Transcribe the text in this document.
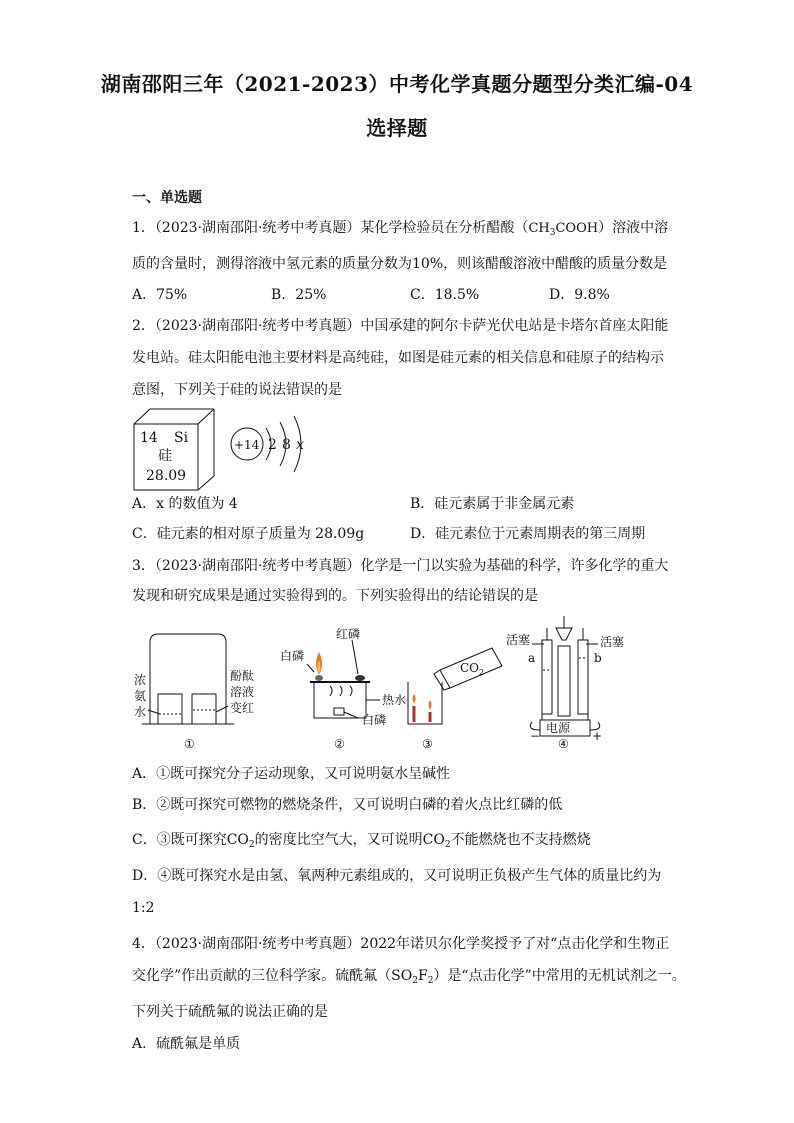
湖南邵阳三年（2021-2023）中考化学真题分题型分类汇编-04
选择题
一、单选题
1．（2023·湖南邵阳·统考中考真题）某化学检验员在分析醋酸$(CH_3COOH)$溶液中溶
质的含量时，测得溶液中氢元素的质量分数为10%，则该醋酸溶液中醋酸的质量分数是
A．75%	B．25%	C．18.5%	D．9.8%
2．（2023·湖南邵阳·统考中考真题）中国承建的阿尔卡萨光伏电站是卡塔尔首座太阳能
发电站。硅太阳能电池主要材料是高纯硅，如图是硅元素的相关信息和硅原子的结构示
意图，下列关于硅的说法错误的是
14 Si
硅
28.09
+14 2 8 x
A．x 的数值为 4	B．硅元素属于非金属元素
C．硅元素的相对原子质量为 28.09g	D．硅元素位于元素周期表的第三周期
3．（2023·湖南邵阳·统考中考真题）化学是一门以实验为基础的科学，许多化学的重大
发现和研究成果是通过实验得到的。下列实验得出的结论错误的是
浓
氨
水
酚酞
溶液
变红
①
白磷
红磷
热水
白磷
②
$CO_2$
③
活塞	活塞
a	b
电源
−	+
④
A．①既可探究分子运动现象，又可说明氨水呈碱性
B．②既可探究可燃物的燃烧条件，又可说明白磷的着火点比红磷的低
C．③既可探究$CO_2$的密度比空气大，又可说明$CO_2$不能燃烧也不支持燃烧
D．④既可探究水是由氢、氧两种元素组成的，又可说明正负极产生气体的质量比约为
1:2
4．（2023·湖南邵阳·统考中考真题）2022年诺贝尔化学奖授予了对“点击化学和生物正
交化学”作出贡献的三位科学家。硫酰氟$(SO_2F_2)$是“点击化学”中常用的无机试剂之一。
下列关于硫酰氟的说法正确的是
A．硫酰氟是单质
